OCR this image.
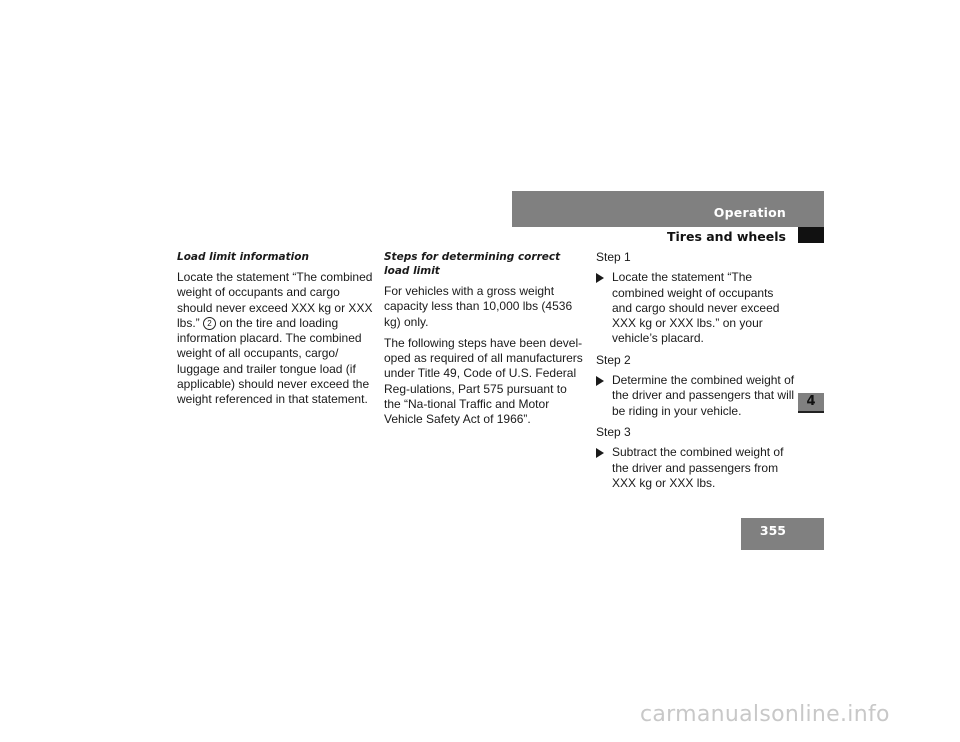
Operation
Tires and wheels
4
355
Load limit information

Locate the statement “The combined weight of occupants and cargo should never exceed XXX kg or XXX lbs.” 2 on the tire and loading information placard. The combined weight of all occupants, cargo/ luggage and trailer tongue load (if applicable) should never exceed the weight referenced in that statement.

Steps for determining correct load limit

For vehicles with a gross weight capacity less than 10,000 lbs (4536 kg) only.

The following steps have been devel-oped as required of all manufacturers under Title 49, Code of U.S. Federal Reg-ulations, Part 575 pursuant to the “Na-tional Traffic and Motor Vehicle Safety Act of 1966”.

Step 1

Locate the statement “The combined weight of occupants and cargo should never exceed XXX kg or XXX lbs.” on your vehicle’s placard.

Step 2

Determine the combined weight of the driver and passengers that will be riding in your vehicle.

Step 3

Subtract the combined weight of the driver and passengers from XXX kg or XXX lbs.
carmanualsonline.info
